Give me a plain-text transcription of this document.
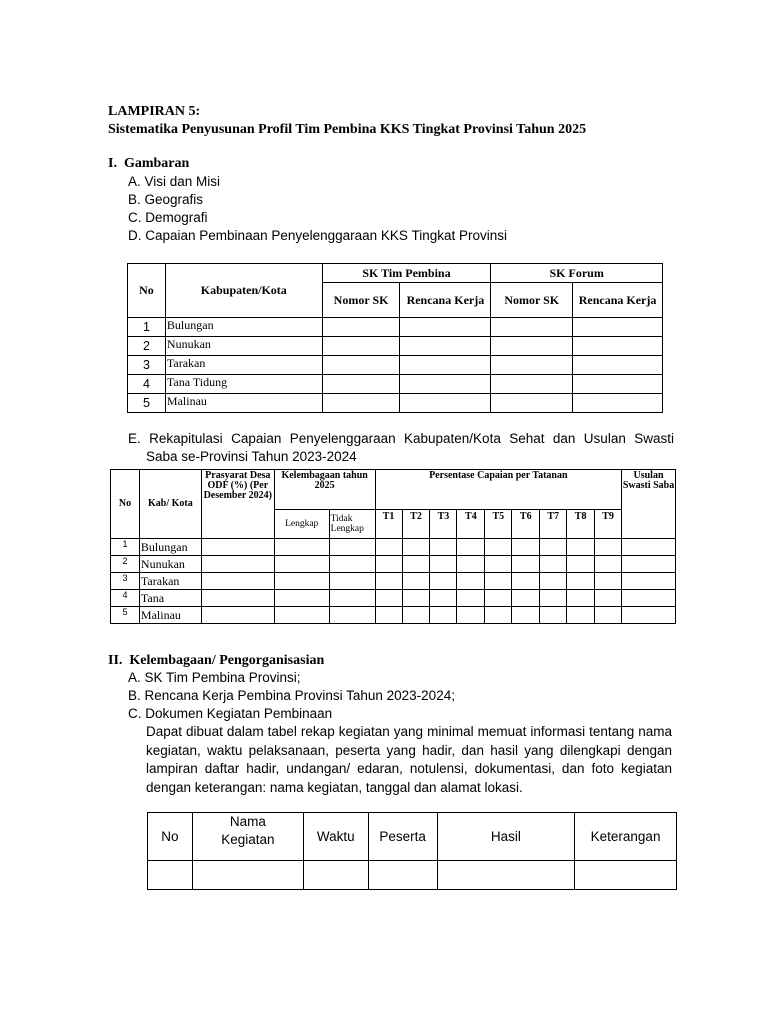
LAMPIRAN 5:
Sistematika Penyusunan Profil Tim Pembina KKS Tingkat Provinsi Tahun 2025
I. Gambaran
A. Visi dan Misi
B. Geografis
C. Demografi
D. Capaian Pembinaan Penyelenggaraan KKS Tingkat Provinsi
No	Kabupaten/Kota	SK Tim Pembina		SK Forum	
		Nomor SK	Rencana Kerja	Nomor SK	Rencana Kerja
1	Bulungan				
2	Nunukan				
3	Tarakan				
4	Tana Tidung				
5	Malinau				
E. Rekapitulasi Capaian Penyelenggaraan Kabupaten/Kota Sehat dan Usulan Swasti
Saba se-Provinsi Tahun 2023-2024
No	Kab/ Kota	Prasyarat Desa ODF (%) (Per Desember 2024)	Kelembagaan tahun 2025		Persentase Capaian per Tatanan									Usulan Swasti Saba
			Lengkap	Tidak Lengkap	T1	T2	T3	T4	T5	T6	T7	T8	T9	
1	Bulungan													
2	Nunukan													
3	Tarakan													
4	Tana													
5	Malinau													
II. Kelembagaan/ Pengorganisasian
A. SK Tim Pembina Provinsi;
B. Rencana Kerja Pembina Provinsi Tahun 2023-2024;
C. Dokumen Kegiatan Pembinaan
Dapat dibuat dalam tabel rekap kegiatan yang minimal memuat informasi tentang nama kegiatan, waktu pelaksanaan, peserta yang hadir, dan hasil yang dilengkapi dengan lampiran daftar hadir, undangan/ edaran, notulensi, dokumentasi, dan foto kegiatan dengan keterangan: nama kegiatan, tanggal dan alamat lokasi.
No	Nama Kegiatan	Waktu	Peserta	Hasil	Keterangan
